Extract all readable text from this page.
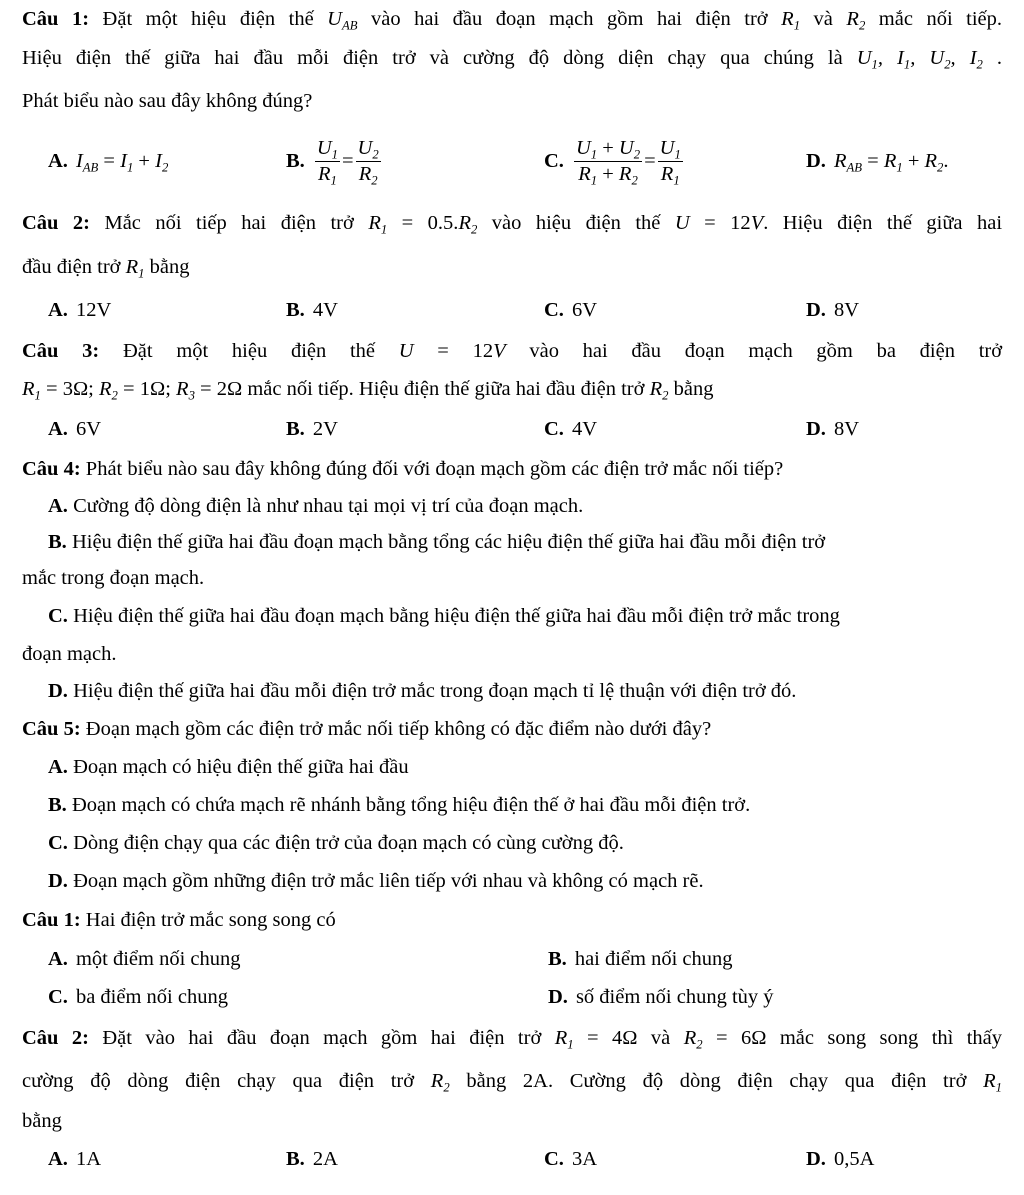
Câu 1: Đặt một hiệu điện thế $U_{AB}$ vào hai đầu đoạn mạch gồm hai điện trở $R_1$ và $R_2$ mắc nối tiếp.

Hiệu điện thế giữa hai đầu mỗi điện trở và cường độ dòng diện chạy qua chúng là $U_1$, $I_1$, $U_2$, $I_2$ .

Phát biểu nào sau đây không đúng?

A. $I_{AB} = I_1 + I_2$	B. $\frac{U_1}{R_1} = \frac{U_2}{R_2}$	C. $\frac{U_1 + U_2}{R_1 + R_2} = \frac{U_1}{R_1}$	D. $R_{AB} = R_1 + R_2$ .

Câu 2: Mắc nối tiếp hai điện trở $R_1 = 0.5.R_2$ vào hiệu điện thế U = 12V. Hiệu điện thế giữa hai

đầu điện trở $R_1$ bằng

A. 12V	B. 4V	C. 6V	D. 8V

Câu 3: Đặt một hiệu điện thế U = 12V vào hai đầu đoạn mạch gồm ba điện trở

$R_1 = 3\Omega$; $R_2 = 1\Omega$; $R_3 = 2\Omega$ mắc nối tiếp. Hiệu điện thế giữa hai đầu điện trở $R_2$ bằng

A. 6V	B. 2V	C. 4V	D. 8V

Câu 4: Phát biểu nào sau đây không đúng đối với đoạn mạch gồm các điện trở mắc nối tiếp?

A. Cường độ dòng điện là như nhau tại mọi vị trí của đoạn mạch.

B. Hiệu điện thế giữa hai đầu đoạn mạch bằng tổng các hiệu điện thế giữa hai đầu mỗi điện trở

mắc trong đoạn mạch.

C. Hiệu điện thế giữa hai đầu đoạn mạch bằng hiệu điện thế giữa hai đầu mỗi điện trở mắc trong

đoạn mạch.

D. Hiệu điện thế giữa hai đầu mỗi điện trở mắc trong đoạn mạch tỉ lệ thuận với điện trở đó.

Câu 5: Đoạn mạch gồm các điện trở mắc nối tiếp không có đặc điểm nào dưới đây?

A. Đoạn mạch có hiệu điện thế giữa hai đầu

B. Đoạn mạch có chứa mạch rẽ nhánh bằng tổng hiệu điện thế ở hai đầu mỗi điện trở.

C. Dòng điện chạy qua các điện trở của đoạn mạch có cùng cường độ.

D. Đoạn mạch gồm những điện trở mắc liên tiếp với nhau và không có mạch rẽ.

Câu 1: Hai điện trở mắc song song có

A. một điểm nối chung	B. hai điểm nối chung
C. ba điểm nối chung	D. số điểm nối chung tùy ý

Câu 2: Đặt vào hai đầu đoạn mạch gồm hai điện trở $R_1 = 4\Omega$ và $R_2 = 6\Omega$ mắc song song thì thấy

cường độ dòng điện chạy qua điện trở $R_2$ bằng 2A. Cường độ dòng điện chạy qua điện trở $R_1$

bằng

A. 1A	B. 2A	C. 3A	D. 0,5A
